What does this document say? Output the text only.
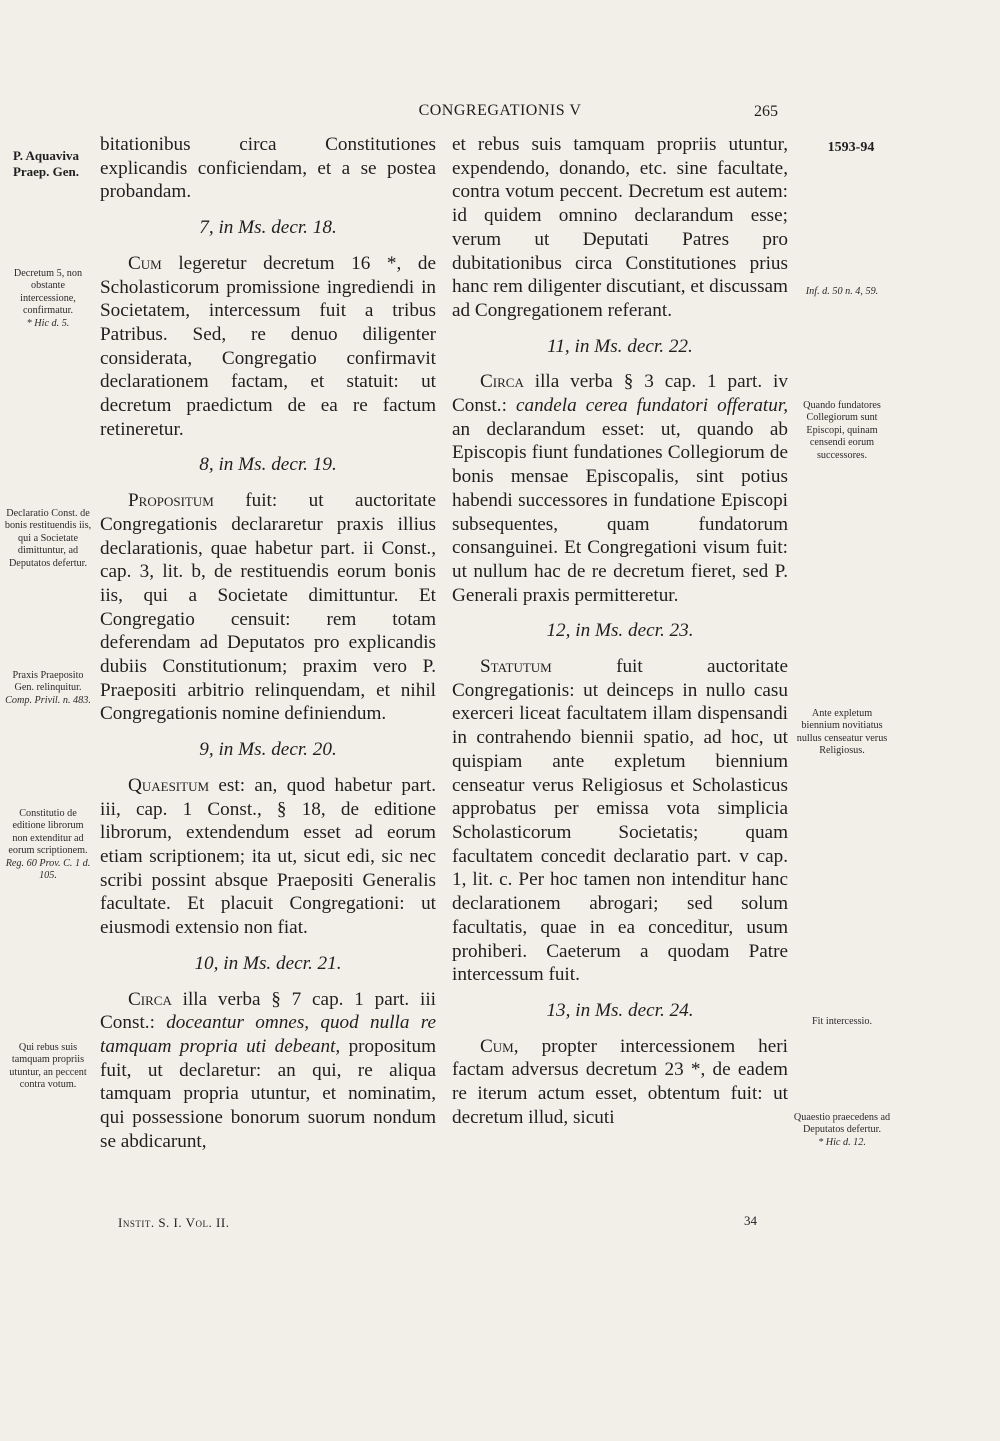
CONGREGATIONIS V	265
P. Aquaviva Praep. Gen.
1593-94
Decretum 5, non obstante intercessione, confirmatur.
* Hic d. 5.
Declaratio Const. de bonis restituendis iis, qui a Societate dimittuntur, ad Deputatos defertur.
Praxis Praeposito Gen. relinquitur.
Comp. Privil. n. 483.
Constitutio de editione librorum non extenditur ad eorum scriptionem.
Reg. 60 Prov. C. 1 d. 105.
Qui rebus suis tamquam propriis utuntur, an peccent contra votum.
Inf. d. 50 n. 4, 59.
Quando fundatores Collegiorum sunt Episcopi, quinam censendi eorum successores.
Ante expletum biennium novitiatus nullus censeatur verus Religiosus.
Fit intercessio.
Quaestio praecedens ad Deputatos defertur.
* Hic d. 12.

bitationibus circa Constitutiones explicandis conficiendam, et a se postea probandam.

7, in Ms. decr. 18.

Cum legeretur decretum 16 *, de Scholasticorum promissione ingrediendi in Societatem, intercessum fuit a tribus Patribus. Sed, re denuo diligenter considerata, Congregatio confirmavit declarationem factam, et statuit: ut decretum praedictum de ea re factum retineretur.

8, in Ms. decr. 19.

Propositum fuit: ut auctoritate Congregationis declararetur praxis illius declarationis, quae habetur part. ii Const., cap. 3, lit. b, de restituendis eorum bonis iis, qui a Societate dimittuntur. Et Congregatio censuit: rem totam deferendam ad Deputatos pro explicandis dubiis Constitutionum; praxim vero P. Praepositi arbitrio relinquendam, et nihil Congregationis nomine definiendum.

9, in Ms. decr. 20.

Quaesitum est: an, quod habetur part. iii, cap. 1 Const., § 18, de editione librorum, extendendum esset ad eorum etiam scriptionem; ita ut, sicut edi, sic nec scribi possint absque Praepositi Generalis facultate. Et placuit Congregationi: ut eiusmodi extensio non fiat.

10, in Ms. decr. 21.

Circa illa verba § 7 cap. 1 part. iii Const.: doceantur omnes, quod nulla re tamquam propria uti debeant, propositum fuit, ut declaretur: an qui, re aliqua tamquam propria utuntur, et nominatim, qui possessione bonorum suorum nondum se abdicarunt,

et rebus suis tamquam propriis utuntur, expendendo, donando, etc. sine facultate, contra votum peccent. Decretum est autem: id quidem omnino declarandum esse; verum ut Deputati Patres pro dubitationibus circa Constitutiones prius hanc rem diligenter discutiant, et discussam ad Congregationem referant.

11, in Ms. decr. 22.

Circa illa verba § 3 cap. 1 part. iv Const.: candela cerea fundatori offeratur, an declarandum esset: ut, quando ab Episcopis fiunt fundationes Collegiorum de bonis mensae Episcopalis, sint potius habendi successores in fundatione Episcopi subsequentes, quam fundatorum consanguinei. Et Congregationi visum fuit: ut nullum hac de re decretum fieret, sed P. Generali praxis permitteretur.

12, in Ms. decr. 23.

Statutum fuit auctoritate Congregationis: ut deinceps in nullo casu exerceri liceat facultatem illam dispensandi in contrahendo biennii spatio, ad hoc, ut quispiam ante expletum biennium censeatur verus Religiosus et Scholasticus approbatus per emissa vota simplicia Scholasticorum Societatis; quam facultatem concedit declaratio part. v cap. 1, lit. c. Per hoc tamen non intenditur hanc declarationem abrogari; sed solum facultatis, quae in ea conceditur, usum prohiberi. Caeterum a quodam Patre intercessum fuit.

13, in Ms. decr. 24.

Cum, propter intercessionem heri factam adversus decretum 23 *, de eadem re iterum actum esset, obtentum fuit: ut decretum illud, sicuti

Instit. S. I. Vol. II.	34
